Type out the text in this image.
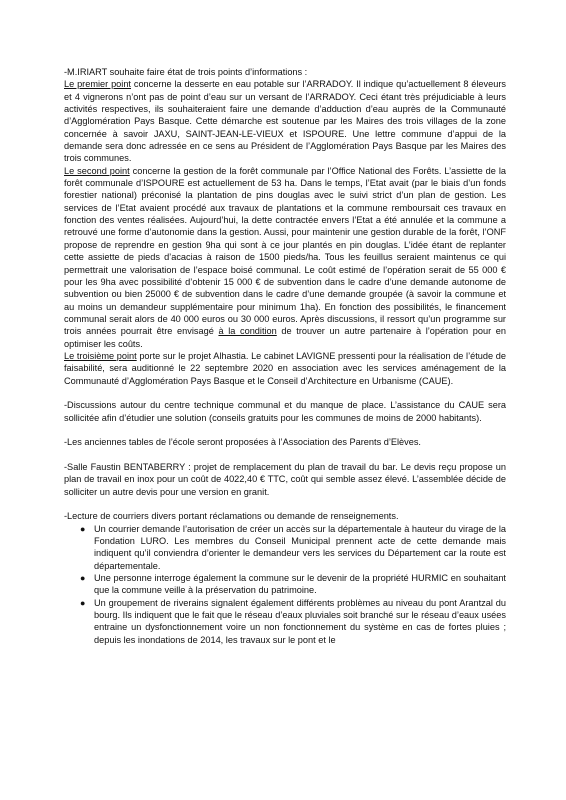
-M.IRIART souhaite faire état de trois points d’informations :

Le premier point concerne la desserte en eau potable sur l’ARRADOY. Il indique qu’actuellement 8 éleveurs et 4 vignerons n’ont pas de point d’eau sur un versant de l’ARRADOY. Ceci étant très préjudiciable à leurs activités respectives, ils souhaiteraient faire une demande d’adduction d’eau auprès de la Communauté d’Agglomération Pays Basque. Cette démarche est soutenue par les Maires des trois villages de la zone concernée à savoir JAXU, SAINT-JEAN-LE-VIEUX et ISPOURE. Une lettre commune d’appui de la demande sera donc adressée en ce sens au Président de l’Agglomération Pays Basque par les Maires des trois communes.

Le second point concerne la gestion de la forêt communale par l’Office National des Forêts. L’assiette de la forêt communale d’ISPOURE est actuellement de 53 ha. Dans le temps, l’Etat avait (par le biais d’un fonds forestier national) préconisé la plantation de pins douglas avec le suivi strict d’un plan de gestion. Les services de l’Etat avaient procédé aux travaux de plantations et la commune remboursait ces travaux en fonction des ventes réalisées. Aujourd’hui, la dette contractée envers l’Etat a été annulée et la commune a retrouvé une forme d’autonomie dans la gestion. Aussi, pour maintenir une gestion durable de la forêt, l’ONF propose de reprendre en gestion 9ha qui sont à ce jour plantés en pin douglas. L’idée étant de replanter cette assiette de pieds d’acacias à raison de 1500 pieds/ha. Tous les feuillus seraient maintenus ce qui permettrait une valorisation de l’espace boisé communal. Le coût estimé de l’opération serait de 55 000 € pour les 9ha avec possibilité d’obtenir 15 000 € de subvention dans le cadre d’une demande autonome de subvention ou bien 25000 € de subvention dans le cadre d’une demande groupée (à savoir la commune et au moins un demandeur supplémentaire pour minimum 1ha). En fonction des possibilités, le financement communal serait alors de 40 000 euros ou 30 000 euros. Après discussions, il ressort qu’un programme sur trois années pourrait être envisagé à la condition de trouver un autre partenaire à l’opération pour en optimiser les coûts.

Le troisième point porte sur le projet Alhastia. Le cabinet LAVIGNE pressenti pour la réalisation de l’étude de faisabilité, sera auditionné le 22 septembre 2020 en association avec les services aménagement de la Communauté d’Agglomération Pays Basque et le Conseil d’Architecture en Urbanisme (CAUE).

-Discussions autour du centre technique communal et du manque de place. L’assistance du CAUE sera sollicitée afin d’étudier une solution (conseils gratuits pour les communes de moins de 2000 habitants).

-Les anciennes tables de l’école seront proposées à l’Association des Parents d’Elèves.

-Salle Faustin BENTABERRY : projet de remplacement du plan de travail du bar. Le devis reçu propose un plan de travail en inox pour un coût de 4022,40 € TTC, coût qui semble assez élevé. L’assemblée décide de solliciter un autre devis pour une version en granit.

-Lecture de courriers divers portant réclamations ou demande de renseignements.

● Un courrier demande l’autorisation de créer un accès sur la départementale à hauteur du virage de la Fondation LURO. Les membres du Conseil Municipal prennent acte de cette demande mais indiquent qu’il conviendra d’orienter le demandeur vers les services du Département car la route est départementale.
● Une personne interroge également la commune sur le devenir de la propriété HURMIC en souhaitant que la commune veille à la préservation du patrimoine.
● Un groupement de riverains signalent également différents problèmes au niveau du pont Arantzal du bourg. Ils indiquent que le fait que le réseau d’eaux pluviales soit branché sur le réseau d’eaux usées entraine un dysfonctionnement voire un non fonctionnement du système en cas de fortes pluies ; depuis les inondations de 2014, les travaux sur le pont et le
